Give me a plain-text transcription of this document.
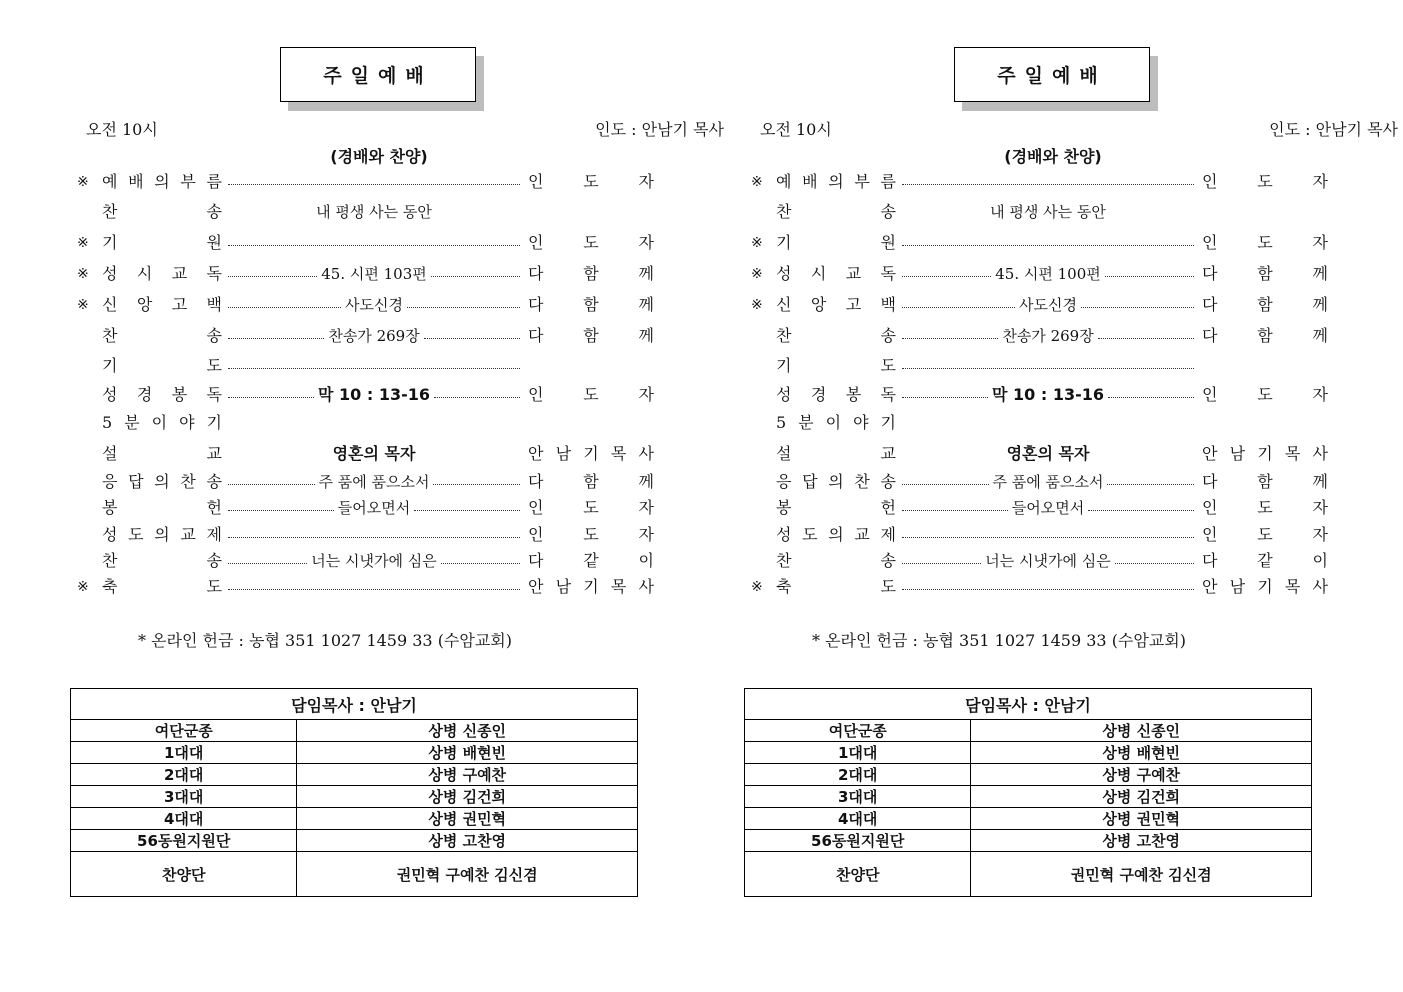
주일예배
오전 10시	인도 : 안남기 목사
(경배와 찬양)
※ 예 배 의 부 름	인 도 자
찬	송	내 평생 사는 동안
※ 기	원	인 도 자
※ 성 시 교 독	45. 시편 103편	다 함 께
※ 신 앙 고 백	사도신경	다 함 께
찬	송	찬송가 269장	다 함 께
기	도
성 경 봉 독	막 10 : 13-16	인 도 자
5 분 이 야 기
설	교	영혼의 목자	안 남 기 목 사
응 답 의 찬 송	주 품에 품으소서	다 함 께
봉	헌	들어오면서	인 도 자
성 도 의 교 제	인 도 자
찬	송	너는 시냇가에 심은	다 같 이
※ 축	도	안 남 기 목 사
* 온라인 헌금 : 농협 351 1027 1459 33 (수암교회)
담임목사 : 안남기	
여단군종	상병 신종인
1대대	상병 배현빈
2대대	상병 구예찬
3대대	상병 김건희
4대대	상병 권민혁
56동원지원단	상병 고찬영
찬양단	권민혁 구예찬 김신겸
주일예배
오전 10시	인도 : 안남기 목사
(경배와 찬양)
※ 예 배 의 부 름	인 도 자
찬	송	내 평생 사는 동안
※ 기	원	인 도 자
※ 성 시 교 독	45. 시편 100편	다 함 께
※ 신 앙 고 백	사도신경	다 함 께
찬	송	찬송가 269장	다 함 께
기	도
성 경 봉 독	막 10 : 13-16	인 도 자
5 분 이 야 기
설	교	영혼의 목자	안 남 기 목 사
응 답 의 찬 송	주 품에 품으소서	다 함 께
봉	헌	들어오면서	인 도 자
성 도 의 교 제	인 도 자
찬	송	너는 시냇가에 심은	다 같 이
※ 축	도	안 남 기 목 사
* 온라인 헌금 : 농협 351 1027 1459 33 (수암교회)
담임목사 : 안남기	
여단군종	상병 신종인
1대대	상병 배현빈
2대대	상병 구예찬
3대대	상병 김건희
4대대	상병 권민혁
56동원지원단	상병 고찬영
찬양단	권민혁 구예찬 김신겸
